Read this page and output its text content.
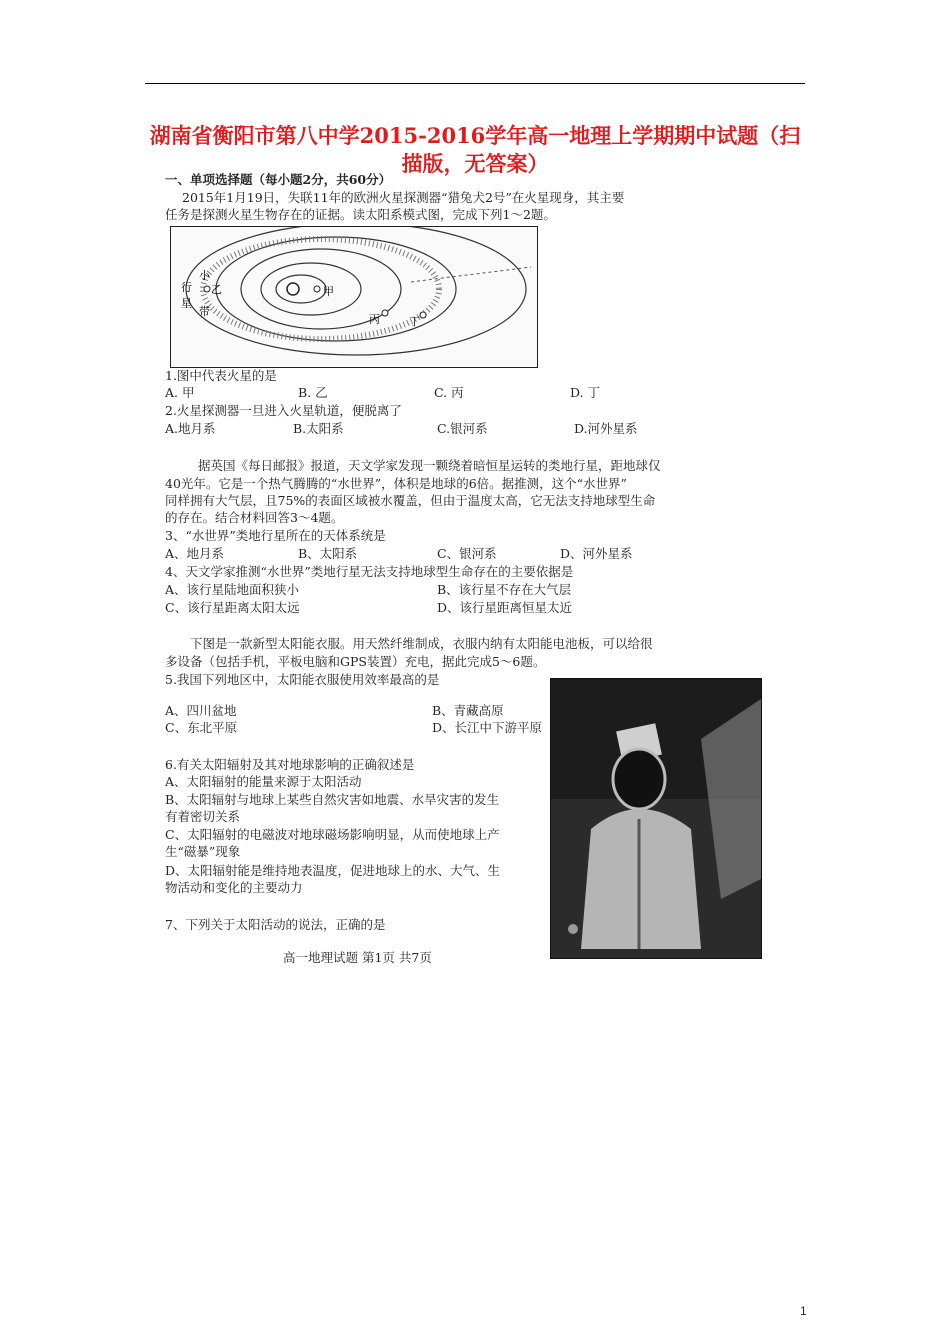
湖南省衡阳市第八中学2015-2016学年高一地理上学期期中试题（扫描版，无答案）
一、单项选择题（每小题2分，共60分）
2015年1月19日，失联11年的欧洲火星探测器“猎兔犬2号”在火星现身，其主要
任务是探测火星生物存在的证据。读太阳系模式图，完成下列1～2题。
小
行
星
带
乙	甲
丙	丁
1.图中代表火星的是
A. 甲	B. 乙	C. 丙	D. 丁
2.火星探测器一旦进入火星轨道，便脱离了
A.地月系	B.太阳系	C.银河系	D.河外星系
据英国《每日邮报》报道，天文学家发现一颗绕着暗恒星运转的类地行星，距地球仅
40光年。它是一个热气腾腾的“水世界”，体积是地球的6倍。据推测，这个“水世界”
同样拥有大气层，且75%的表面区域被水覆盖，但由于温度太高，它无法支持地球型生命
的存在。结合材料回答3～4题。
3、“水世界”类地行星所在的天体系统是
A、地月系	B、太阳系	C、银河系	D、河外星系
4、天文学家推测“水世界”类地行星无法支持地球型生命存在的主要依据是
A、该行星陆地面积狭小	B、该行星不存在大气层
C、该行星距离太阳太远	D、该行星距离恒星太近
下图是一款新型太阳能衣服。用天然纤维制成，衣服内纳有太阳能电池板，可以给很
多设备（包括手机，平板电脑和GPS装置）充电，据此完成5～6题。
5.我国下列地区中，太阳能衣服使用效率最高的是
A、四川盆地	B、青藏高原
C、东北平原	D、长江中下游平原
6.有关太阳辐射及其对地球影响的正确叙述是
A、太阳辐射的能量来源于太阳活动
B、太阳辐射与地球上某些自然灾害如地震、水旱灾害的发生
有着密切关系
C、太阳辐射的电磁波对地球磁场影响明显，从而使地球上产
生“磁暴”现象
D、太阳辐射能是维持地表温度，促进地球上的水、大气、生
物活动和变化的主要动力
7、下列关于太阳活动的说法，正确的是
高一地理试题 第1页 共7页
1
